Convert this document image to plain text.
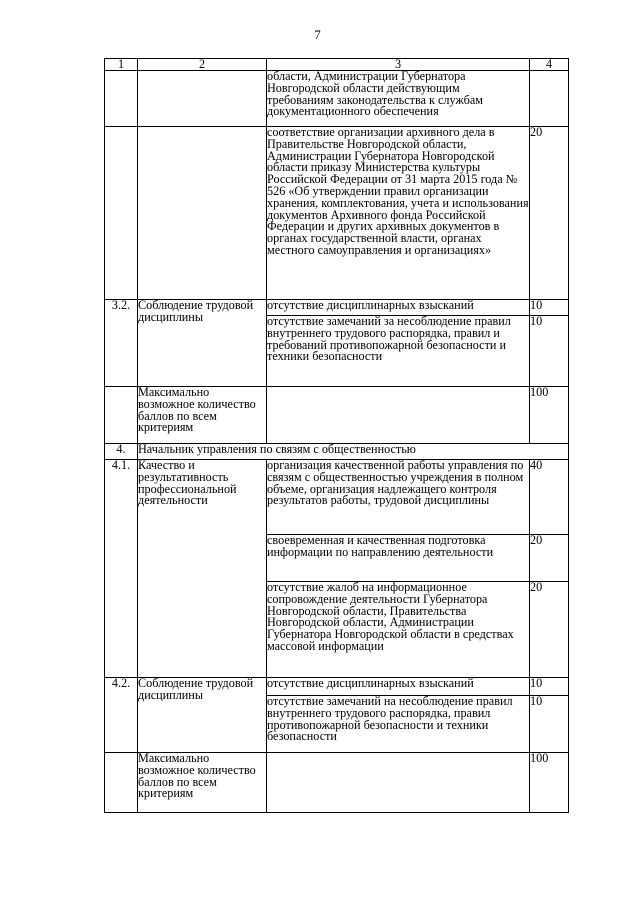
7
1	2	3	4
		области, Администрации Губернатора Новгородской области действующим требованиям законодательства к службам документационного обеспечения	
		соответствие организации архивного дела в Правительстве Новгородской области, Администрации Губернатора Новгородской области приказу Министерства культуры Российской Федерации от 31 марта 2015 года № 526 «Об утверждении правил организации хранения, комплектования, учета и использования документов Архивного фонда Российской Федерации и других архивных документов в органах государственной власти, органах местного самоуправления и организациях»	20
3.2.	Соблюдение трудовой дисциплины	отсутствие дисциплинарных взысканий	10
		отсутствие замечаний за несоблюдение правил внутреннего трудового распорядка, правил и требований противопожарной безопасности и техники безопасности	10
	Максимально возможное количество баллов по всем критериям		100
4.	Начальник управления по связям с общественностью		
4.1.	Качество и результативность профессиональной деятельности	организация качественной работы управления по связям с общественностью учреждения в полном объеме, организация надлежащего контроля результатов работы, трудовой дисциплины	40
		своевременная и качественная подготовка информации по направлению деятельности	20
		отсутствие жалоб на информационное сопровождение деятельности Губернатора Новгородской области, Правительства Новгородской области, Администрации Губернатора Новгородской области в средствах массовой информации	20
4.2.	Соблюдение трудовой дисциплины	отсутствие дисциплинарных взысканий	10
		отсутствие замечаний на несоблюдение правил внутреннего трудового распорядка, правил противопожарной безопасности и техники безопасности	10
	Максимально возможное количество баллов по всем критериям		100
